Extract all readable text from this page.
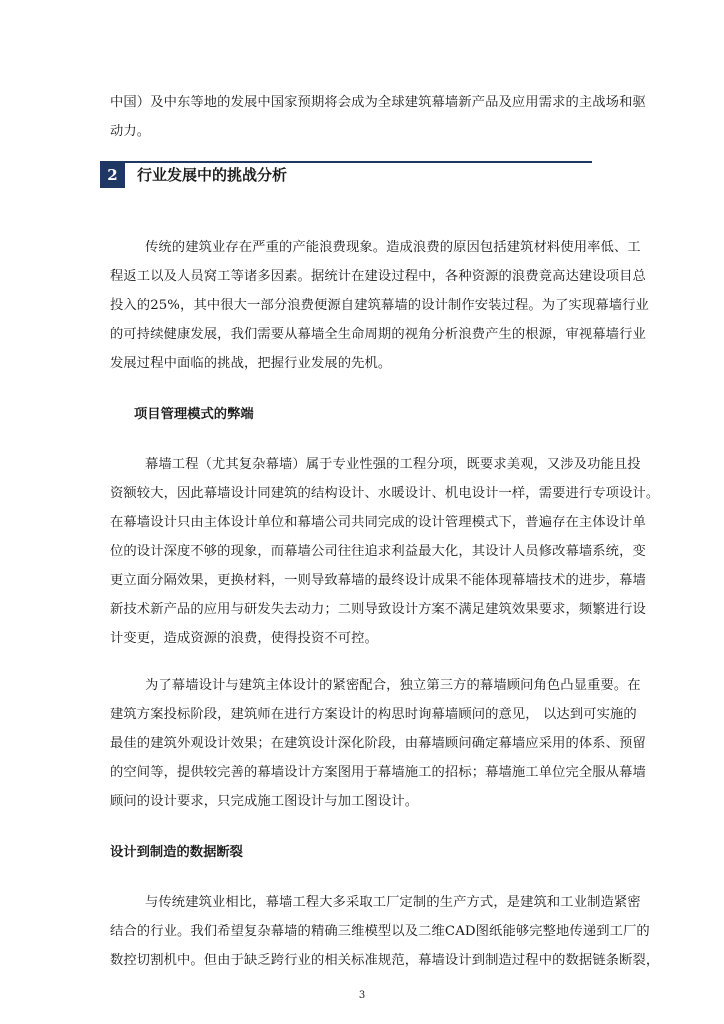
中国）及中东等地的发展中国家预期将会成为全球建筑幕墙新产品及应用需求的主战场和驱
动力。
2	行业发展中的挑战分析
传统的建筑业存在严重的产能浪费现象。造成浪费的原因包括建筑材料使用率低、工
程返工以及人员窝工等诸多因素。据统计在建设过程中，各种资源的浪费竟高达建设项目总
投入的25%，其中很大一部分浪费便源自建筑幕墙的设计制作安装过程。为了实现幕墙行业
的可持续健康发展，我们需要从幕墙全生命周期的视角分析浪费产生的根源，审视幕墙行业
发展过程中面临的挑战，把握行业发展的先机。
项目管理模式的弊端
幕墙工程（尤其复杂幕墙）属于专业性强的工程分项，既要求美观，又涉及功能且投
资额较大，因此幕墙设计同建筑的结构设计、水暖设计、机电设计一样，需要进行专项设计。
在幕墙设计只由主体设计单位和幕墙公司共同完成的设计管理模式下，普遍存在主体设计单
位的设计深度不够的现象，而幕墙公司往往追求利益最大化，其设计人员修改幕墙系统，变
更立面分隔效果，更换材料，一则导致幕墙的最终设计成果不能体现幕墙技术的进步，幕墙
新技术新产品的应用与研发失去动力；二则导致设计方案不满足建筑效果要求，频繁进行设
计变更，造成资源的浪费，使得投资不可控。
为了幕墙设计与建筑主体设计的紧密配合，独立第三方的幕墙顾问角色凸显重要。在
建筑方案投标阶段，建筑师在进行方案设计的构思时询幕墙顾问的意见， 以达到可实施的
最佳的建筑外观设计效果；在建筑设计深化阶段，由幕墙顾问确定幕墙应采用的体系、预留
的空间等，提供较完善的幕墙设计方案图用于幕墙施工的招标；幕墙施工单位完全服从幕墙
顾问的设计要求，只完成施工图设计与加工图设计。
设计到制造的数据断裂
与传统建筑业相比，幕墙工程大多采取工厂定制的生产方式，是建筑和工业制造紧密
结合的行业。我们希望复杂幕墙的精确三维模型以及二维CAD图纸能够完整地传递到工厂的
数控切割机中。但由于缺乏跨行业的相关标准规范，幕墙设计到制造过程中的数据链条断裂，
3
